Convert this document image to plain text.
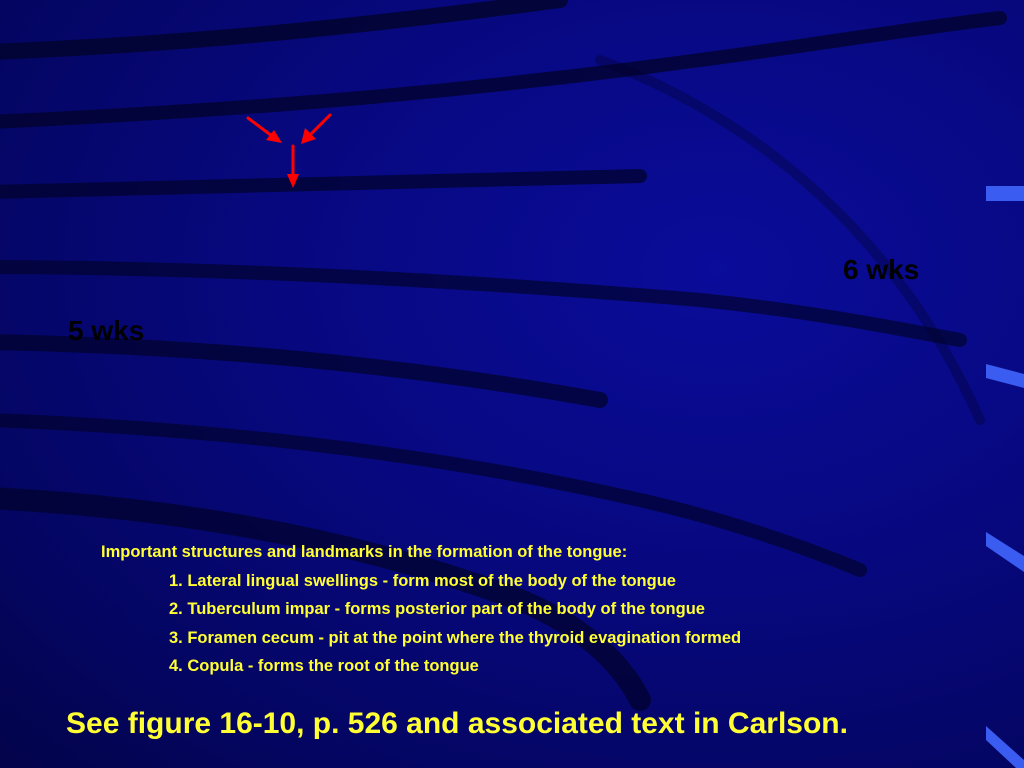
6 wks
5 wks
Important structures and landmarks in the formation of the tongue:
1. Lateral lingual swellings - form most of the body of the tongue
2. Tuberculum impar - forms posterior part of the body of the tongue
3. Foramen cecum - pit at the point where the thyroid evagination formed
4. Copula - forms the root of the tongue
See figure 16-10, p. 526 and associated text in Carlson.
